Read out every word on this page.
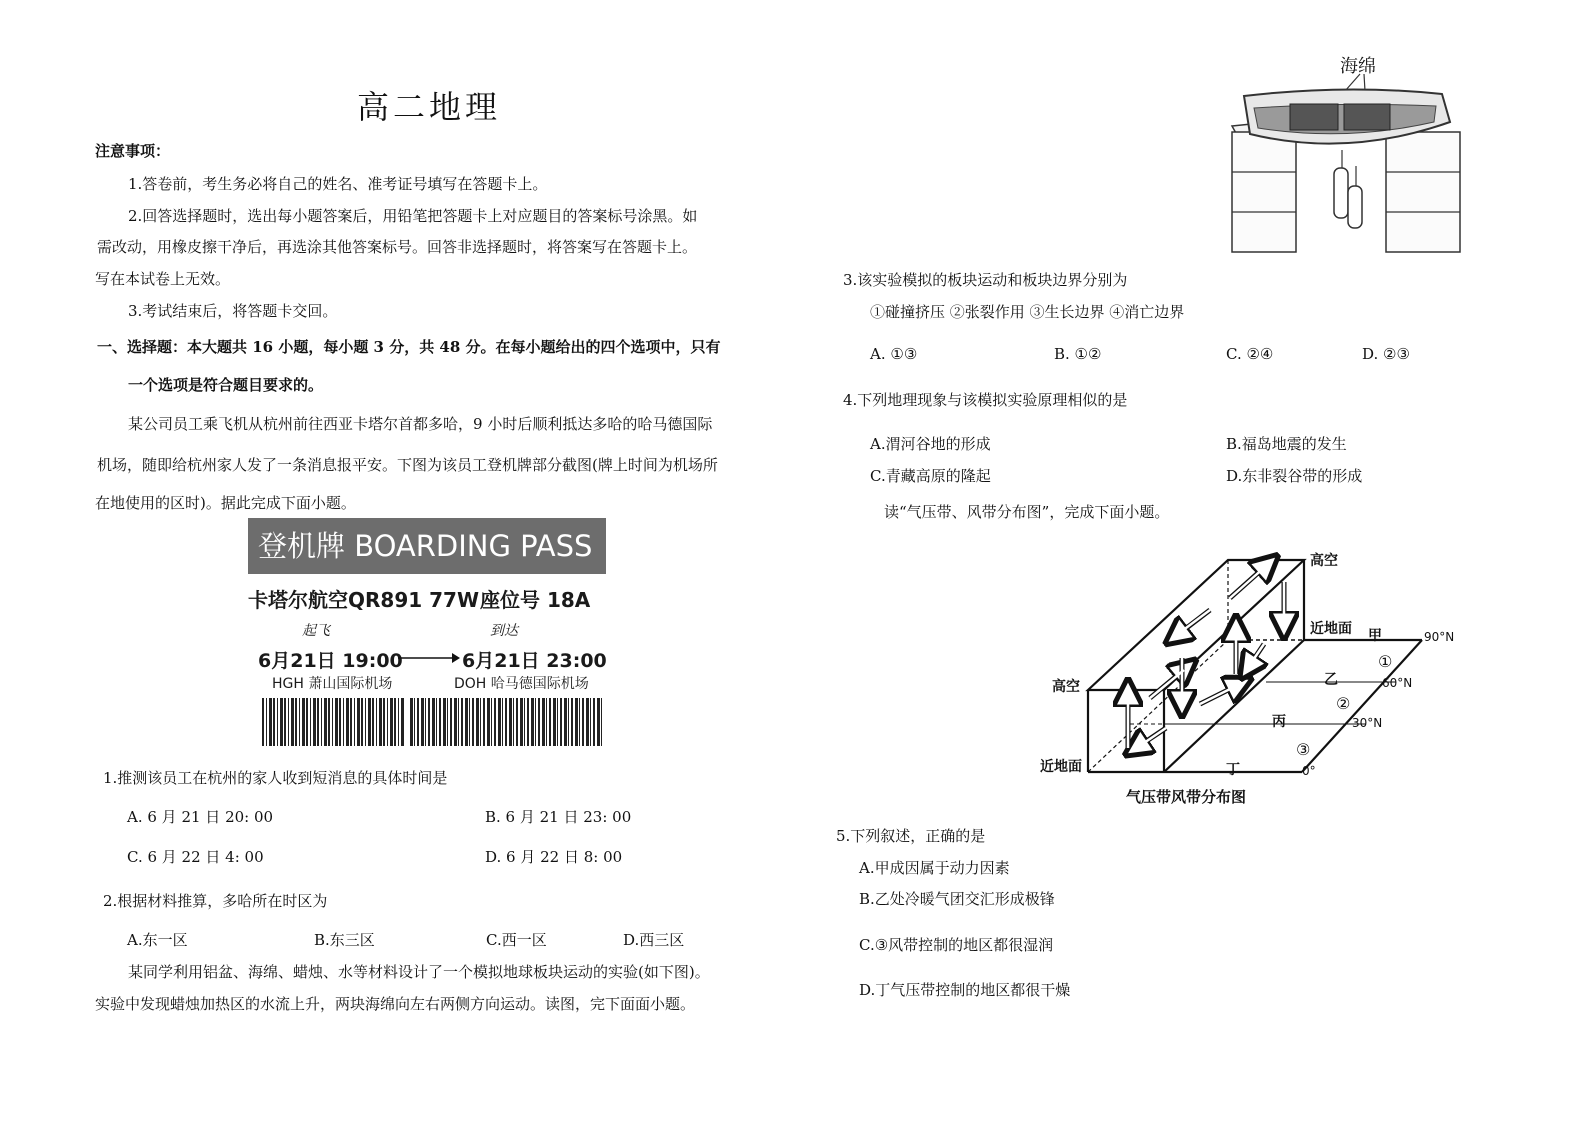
高二地理
注意事项：
1.答卷前，考生务必将自己的姓名、准考证号填写在答题卡上。
2.回答选择题时，选出每小题答案后，用铅笔把答题卡上对应题目的答案标号涂黑。如
需改动，用橡皮擦干净后，再选涂其他答案标号。回答非选择题时，将答案写在答题卡上。
写在本试卷上无效。
3.考试结束后，将答题卡交回。
一、选择题：本大题共 16 小题，每小题 3 分，共 48 分。在每小题给出的四个选项中，只有
一个选项是符合题目要求的。
某公司员工乘飞机从杭州前往西亚卡塔尔首都多哈，9 小时后顺利抵达多哈的哈马德国际
机场，随即给杭州家人发了一条消息报平安。下图为该员工登机牌部分截图(牌上时间为机场所
在地使用的区时)。据此完成下面小题。
登机牌 BOARDING PASS
卡塔尔航空QR891 77W 座位号 18A
起飞	到达
6月21日 19:00	6月21日 23:00
HGH 萧山国际机场	DOH 哈马德国际机场
1.推测该员工在杭州的家人收到短消息的具体时间是
A. 6 月 21 日 20: 00	B. 6 月 21 日 23: 00
C. 6 月 22 日 4: 00	D. 6 月 22 日 8: 00
2.根据材料推算，多哈所在时区为
A.东一区	B.东三区	C.西一区	D.西三区
某同学利用铝盆、海绵、蜡烛、水等材料设计了一个模拟地球板块运动的实验(如下图)。
实验中发现蜡烛加热区的水流上升，两块海绵向左右两侧方向运动。读图，完下面面小题。
海绵
3.该实验模拟的板块运动和板块边界分别为
①碰撞挤压 ②张裂作用 ③生长边界 ④消亡边界
A. ①③	B. ①②	C. ②④	D. ②③
4.下列地理现象与该模拟实验原理相似的是
A.渭河谷地的形成	B.福岛地震的发生
C.青藏高原的隆起	D.东非裂谷带的形成
读“气压带、风带分布图”，完成下面小题。
高空
近地面
高空
近地面
甲
乙
丙
丁
90°N
60°N
30°N
0°
①
②
③
气压带风带分布图
5.下列叙述，正确的是
A.甲成因属于动力因素
B.乙处冷暖气团交汇形成极锋
C.③风带控制的地区都很湿润
D.丁气压带控制的地区都很干燥
